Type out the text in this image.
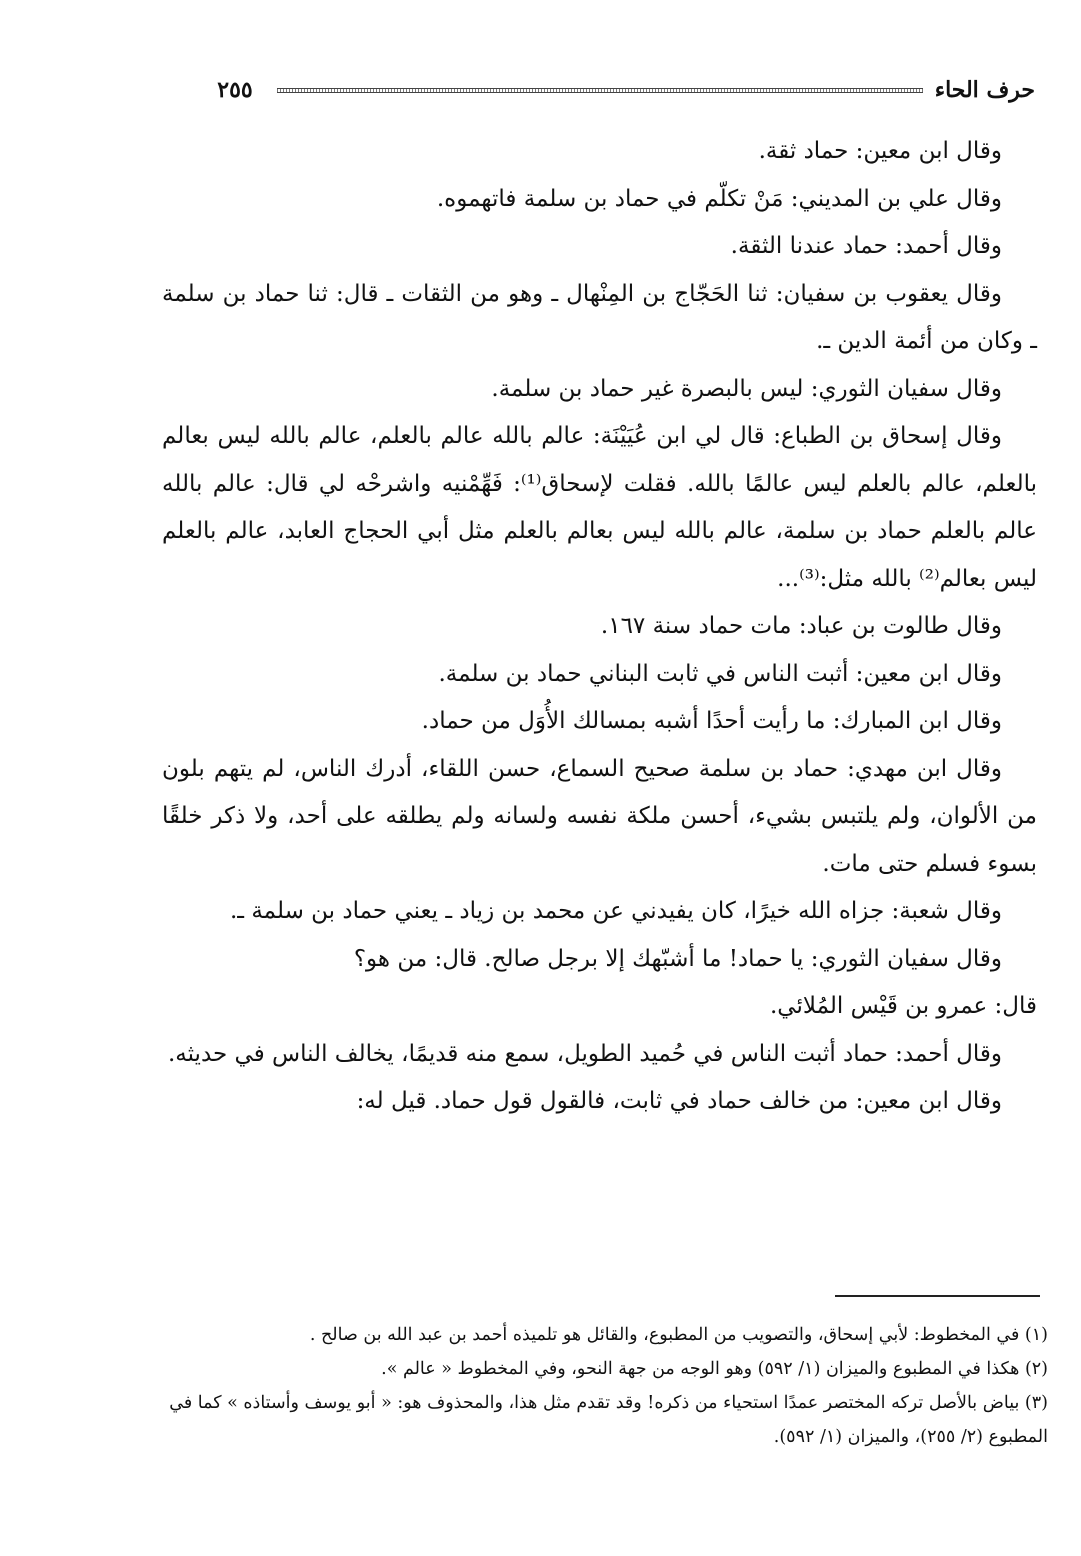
٢٥٥	حرف الحاء

وقال ابن معين: حماد ثقة.

وقال علي بن المديني: مَنْ تكلّم في حماد بن سلمة فاتهموه.

وقال أحمد: حماد عندنا الثقة.

وقال يعقوب بن سفيان: ثنا الحَجّاج بن المِنْهال ـ وهو من الثقات ـ قال: ثنا حماد بن سلمة ـ وكان من أئمة الدين ـ.

وقال سفيان الثوري: ليس بالبصرة غير حماد بن سلمة.

وقال إسحاق بن الطباع: قال لي ابن عُيَيْنَة: عالم بالله عالم بالعلم، عالم بالله ليس بعالم بالعلم، عالم بالعلم ليس عالمًا بالله. فقلت لإسحاق⁽¹⁾: فَهِّمْنيه واشرحْه لي قال: عالم بالله عالم بالعلم حماد بن سلمة، عالم بالله ليس بعالم بالعلم مثل أبي الحجاج العابد، عالم بالعلم ليس بعالم⁽²⁾ بالله مثل:⁽³⁾...

وقال طالوت بن عباد: مات حماد سنة ١٦٧.

وقال ابن معين: أثبت الناس في ثابت البناني حماد بن سلمة.

وقال ابن المبارك: ما رأيت أحدًا أشبه بمسالك الأُوَل من حماد.

وقال ابن مهدي: حماد بن سلمة صحيح السماع، حسن اللقاء، أدرك الناس، لم يتهم بلون من الألوان، ولم يلتبس بشيء، أحسن ملكة نفسه ولسانه ولم يطلقه على أحد، ولا ذكر خلقًا بسوء فسلم حتى مات.

وقال شعبة: جزاه الله خيرًا، كان يفيدني عن محمد بن زياد ـ يعني حماد بن سلمة ـ.

وقال سفيان الثوري: يا حماد! ما أشبّهك إلا برجل صالح. قال: من هو؟

قال: عمرو بن قَيْس المُلائي.

وقال أحمد: حماد أثبت الناس في حُميد الطويل، سمع منه قديمًا، يخالف الناس في حديثه.

وقال ابن معين: من خالف حماد في ثابت، فالقول قول حماد. قيل له:

(١) في المخطوط: لأبي إسحاق، والتصويب من المطبوع، والقائل هو تلميذه أحمد بن عبد الله بن صالح .

(٢) هكذا في المطبوع والميزان (١/ ٥٩٢) وهو الوجه من جهة النحو، وفي المخطوط « عالم ».

(٣) بياض بالأصل تركه المختصر عمدًا استحياء من ذكره! وقد تقدم مثل هذا، والمحذوف هو: « أبو يوسف وأستاذه » كما في المطبوع (٢/ ٢٥٥)، والميزان (١/ ٥٩٢).
